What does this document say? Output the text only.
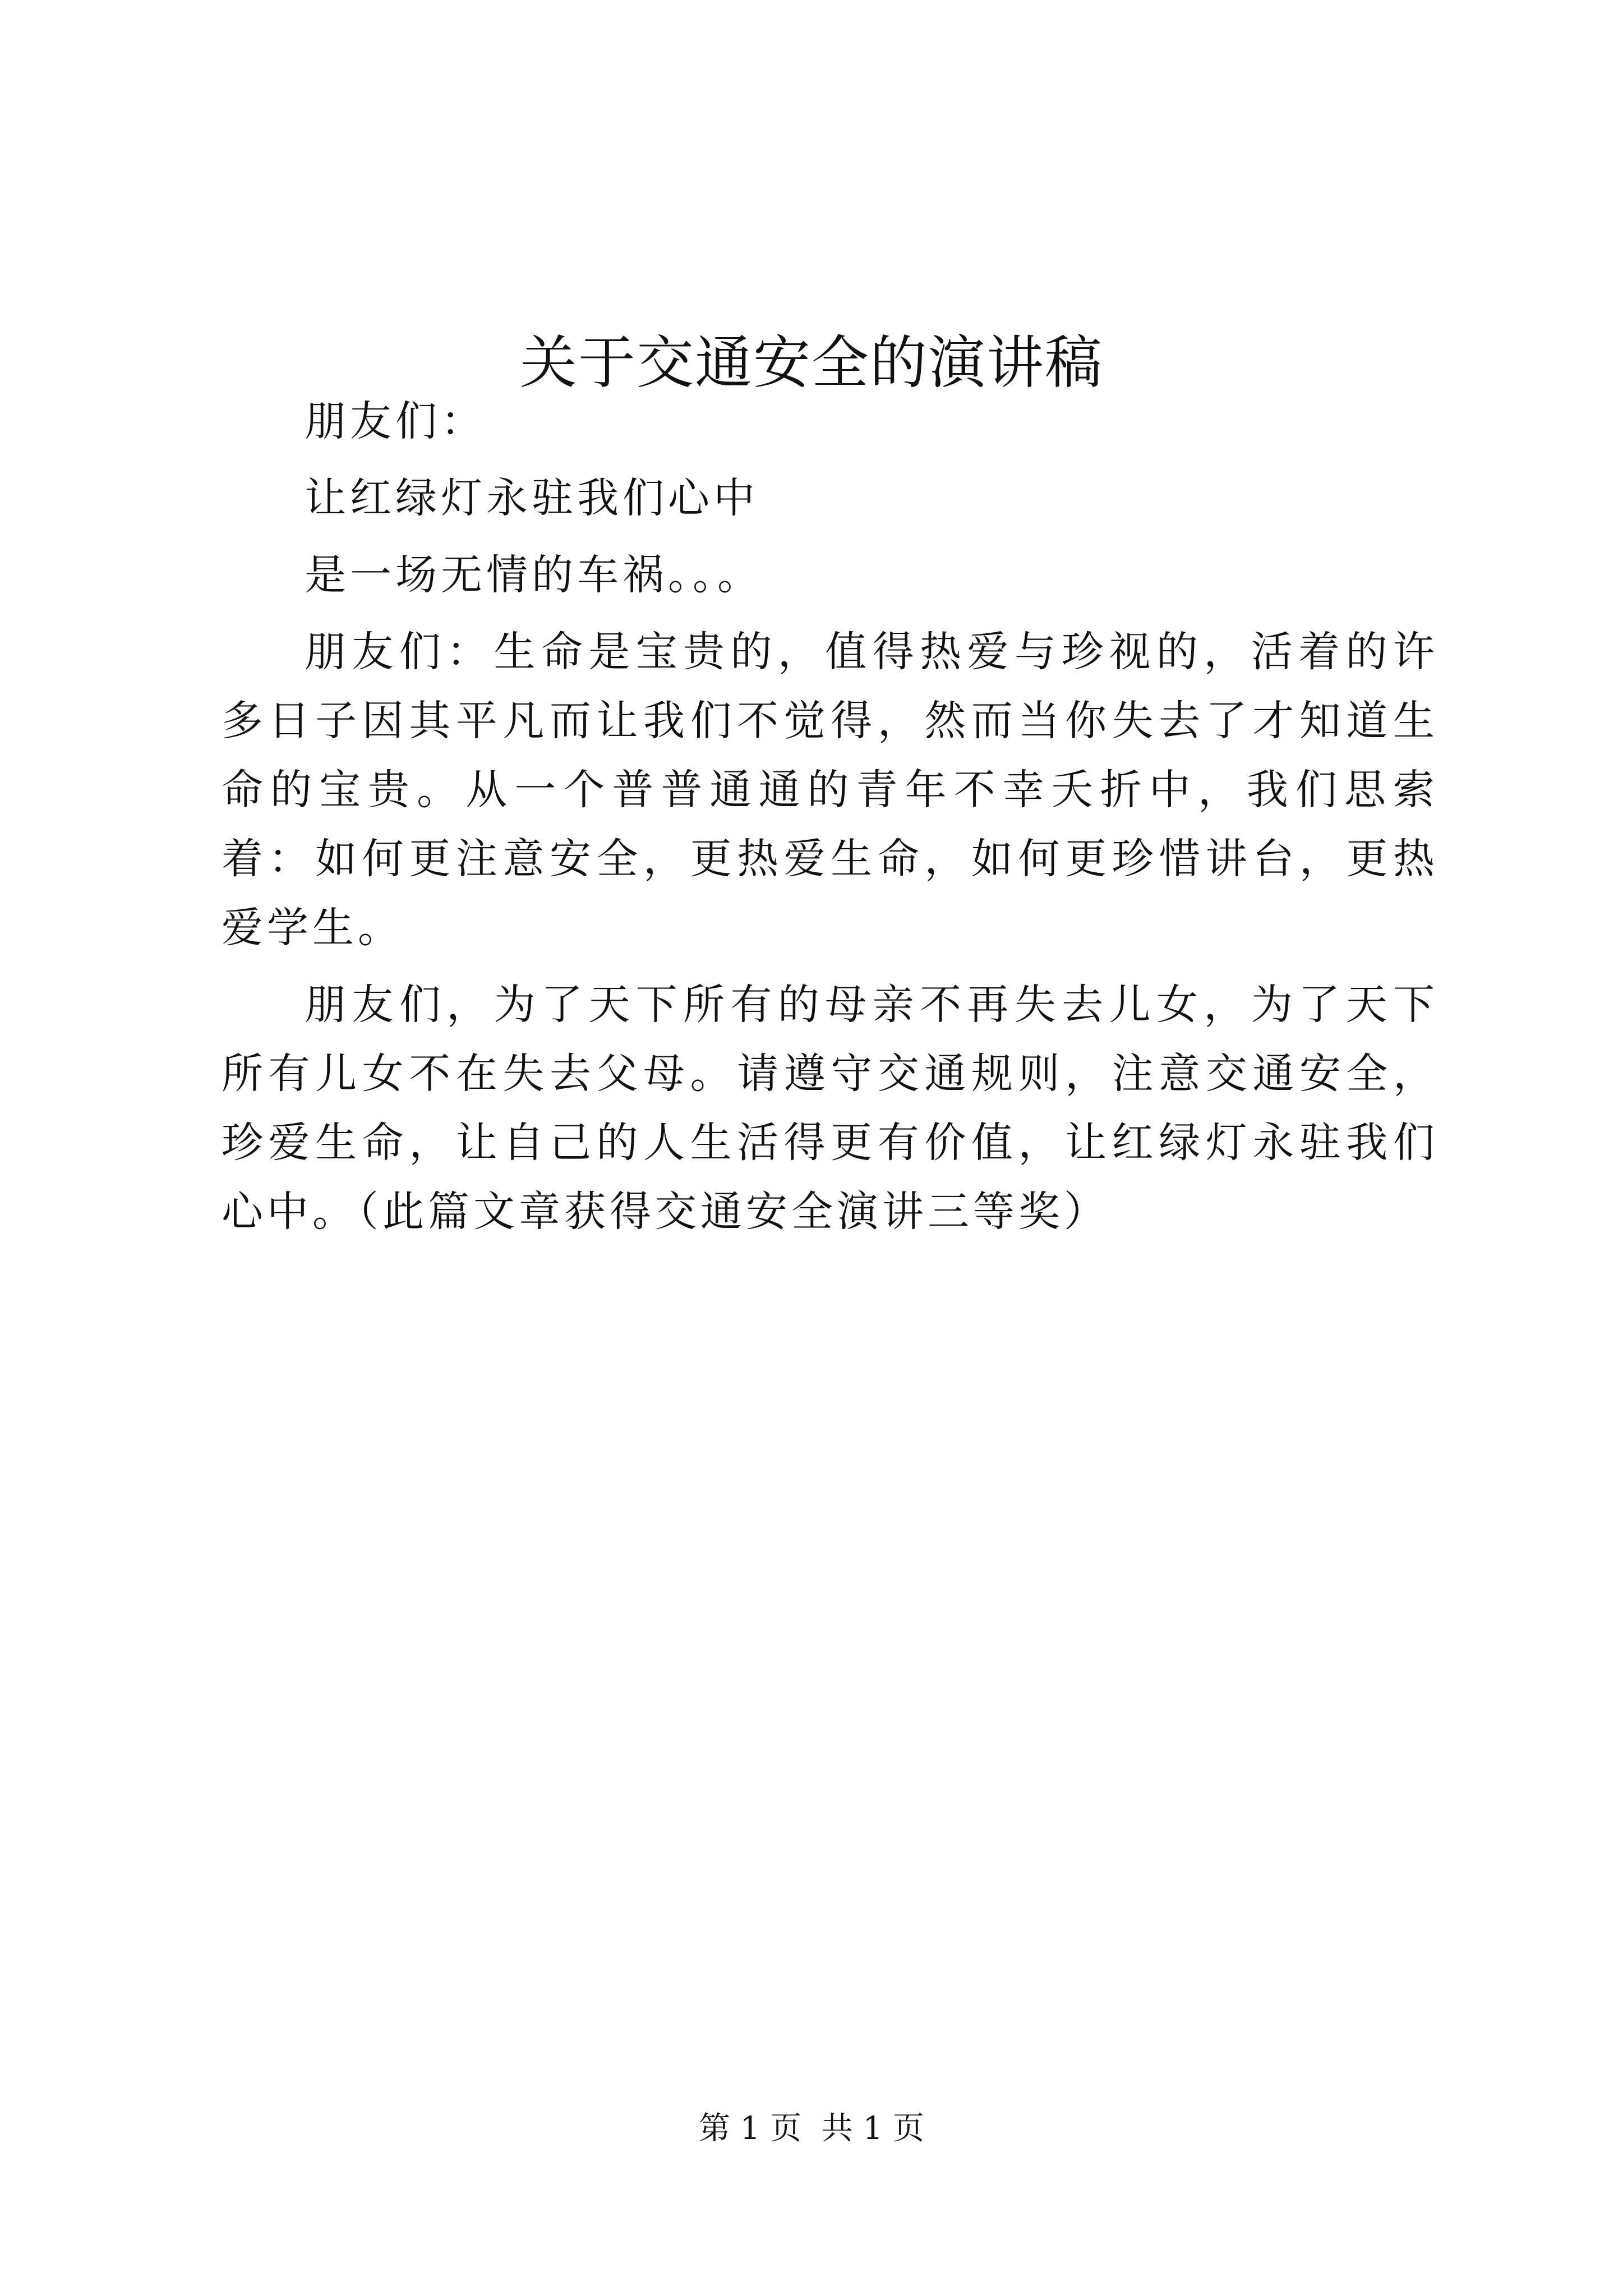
关于交通安全的演讲稿

朋友们：

让红绿灯永驻我们心中

是一场无情的车祸。。。

朋友们：生命是宝贵的，值得热爱与珍视的，活着的许多日子因其平凡而让我们不觉得，然而当你失去了才知道生命的宝贵。从一个普普通通的青年不幸夭折中，我们思索着：如何更注意安全，更热爱生命，如何更珍惜讲台，更热爱学生。

朋友们，为了天下所有的母亲不再失去儿女，为了天下所有儿女不在失去父母。请遵守交通规则，注意交通安全，珍爱生命，让自己的人生活得更有价值，让红绿灯永驻我们心中。（此篇文章获得交通安全演讲三等奖）

第 1 页  共 1 页
